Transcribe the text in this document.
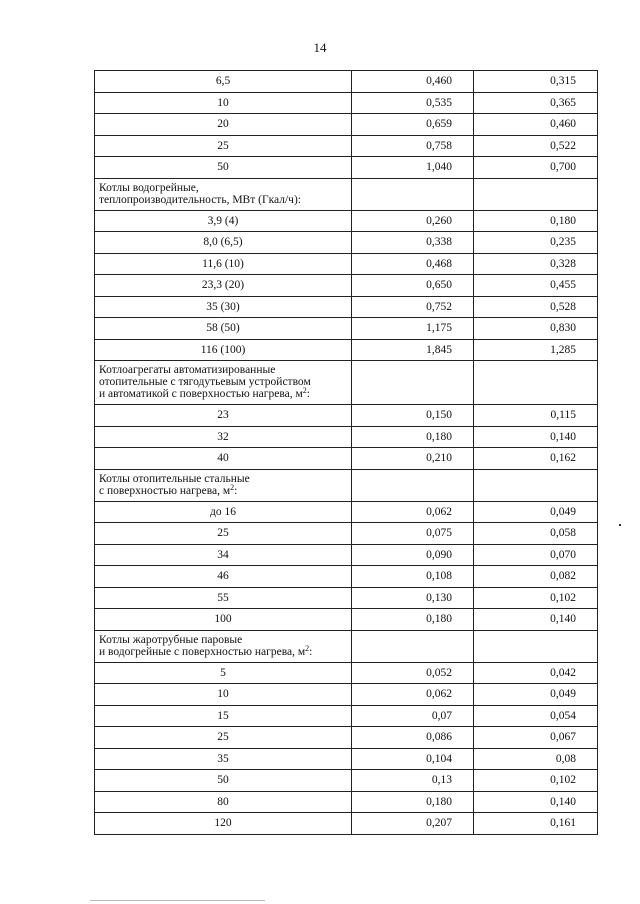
14
6,5	0,460	0,315
10	0,535	0,365
20	0,659	0,460
25	0,758	0,522
50	1,040	0,700
Котлы водогрейные,
теплопроизводительность, МВт (Гкал/ч):		
3,9 (4)	0,260	0,180
8,0 (6,5)	0,338	0,235
11,6 (10)	0,468	0,328
23,3 (20)	0,650	0,455
35 (30)	0,752	0,528
58 (50)	1,175	0,830
116 (100)	1,845	1,285
Котлоагрегаты автоматизированные
отопительные с тягодутьевым устройством
и автоматикой с поверхностью нагрева, $м^2$:		
23	0,150	0,115
32	0,180	0,140
40	0,210	0,162
Котлы отопительные стальные
с поверхностью нагрева, $м^2$:		
до 16	0,062	0,049
25	0,075	0,058
34	0,090	0,070
46	0,108	0,082
55	0,130	0,102
100	0,180	0,140
Котлы жаротрубные паровые
и водогрейные с поверхностью нагрева, $м^2$:		
5	0,052	0,042
10	0,062	0,049
15	0,07	0,054
25	0,086	0,067
35	0,104	0,08
50	0,13	0,102
80	0,180	0,140
120	0,207	0,161
